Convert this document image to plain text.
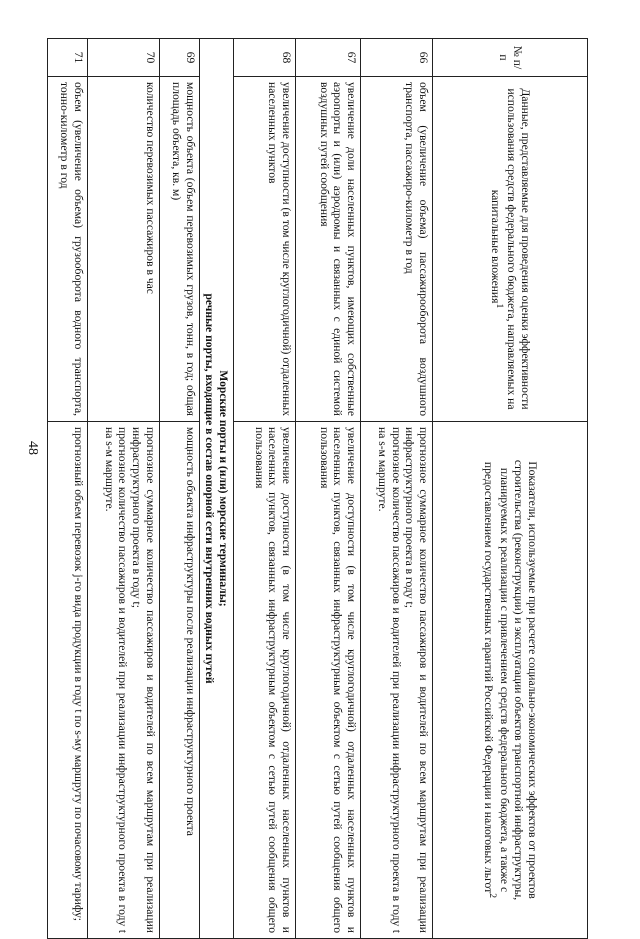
48
№ п/п	Данные, представляемые для проведения оценки эффективности использования средств федерального бюджета, направляемых на капитальные вложения$^1$	Показатели, используемые при расчете социально-экономических эффектов от проектов строительства (реконструкции) и эксплуатации объектов транспортной инфраструктуры, планируемых к реализации с привлечением средств федерального бюджета, а также с предоставлением государственных гарантий Российской Федерации и налоговых льгот$^2$
66	объем (увеличение объема) пассажирооборота воздушного транспорта, пассажиро-километр в год	прогнозное суммарное количество пассажиров и водителей по всем маршрутам при реализации инфраструктурного проекта в году t;
прогнозное количество пассажиров и водителей при реализации инфраструктурного проекта в году t на s-м маршруте.

67	увеличение доли населенных пунктов, имеющих собственные аэропорты и (или) аэродромы и связанных с единой системой воздушных путей сообщения	увеличение доступности (в том числе круглогодичной) отдаленных населенных пунктов и населенных пунктов, связанных инфраструктурным объектом с сетью путей сообщения общего пользования

68	увеличение доступности (в том числе круглогодичной) отдаленных населенных пунктов	увеличение доступности (в том числе круглогодичной) отдаленных населенных пунктов и населенных пунктов, связанных инфраструктурным объектом с сетью путей сообщения общего пользования

Морские порты и (или) морские терминалы;
речные порты, входящие в состав опорной сети внутренних водных путей		

69	мощность объекта (объем перевозимых грузов, тонн, в год; общая площадь объекта, кв. м)	мощность объекта инфраструктуры после реализации инфраструктурного проекта

70	количество перевозимых пассажиров в час	прогнозное суммарное количество пассажиров и водителей по всем маршрутам при реализации инфраструктурного проекта в году t;
прогнозное количество пассажиров и водителей при реализации инфраструктурного проекта в году t на s-м маршруте.

71	объем (увеличение объема) грузооборота водного транспорта, тонно-километр в год	прогнозный объем перевозок j-го вида продукции в году t по s-му маршруту по почасовому тарифу;
